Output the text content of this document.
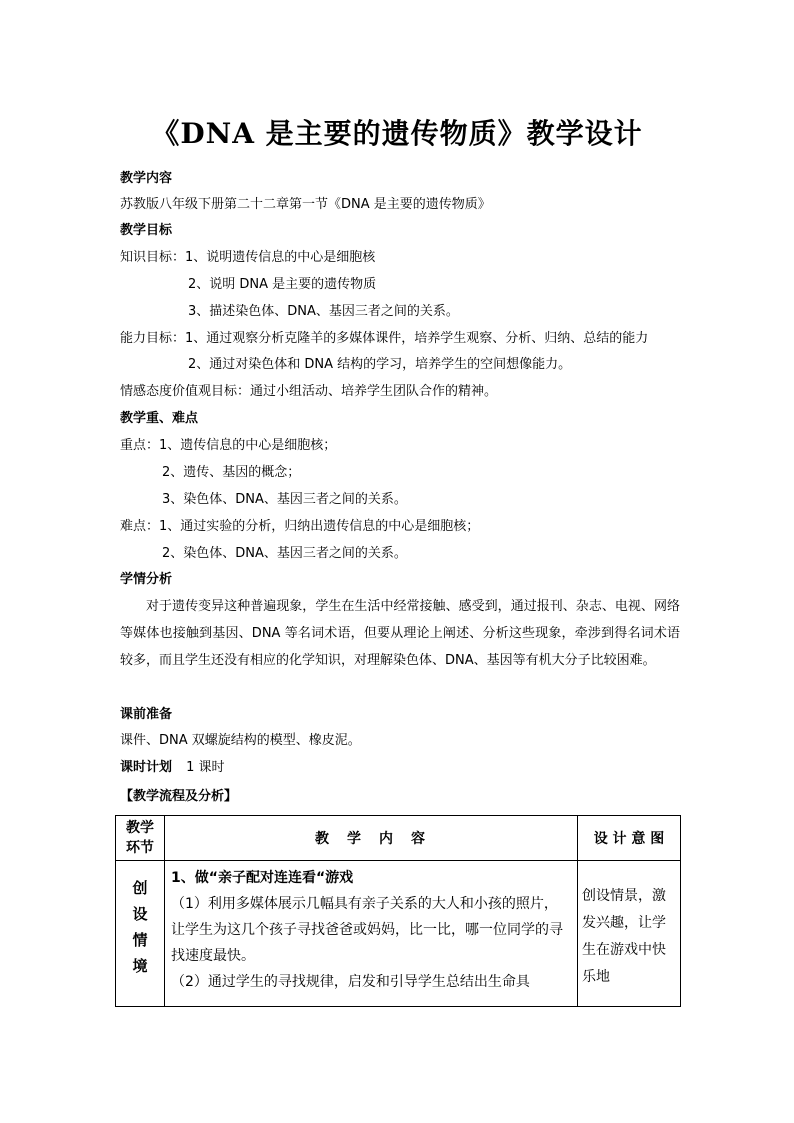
《DNA 是主要的遗传物质》教学设计
教学内容
苏教版八年级下册第二十二章第一节《DNA 是主要的遗传物质》
教学目标
知识目标：1、说明遗传信息的中心是细胞核
2、说明 DNA 是主要的遗传物质
3、描述染色体、DNA、基因三者之间的关系。
能力目标：1、通过观察分析克隆羊的多媒体课件，培养学生观察、分析、归纳、总结的能力
2、通过对染色体和 DNA 结构的学习，培养学生的空间想像能力。
情感态度价值观目标：通过小组活动、培养学生团队合作的精神。
教学重、难点
重点：1、遗传信息的中心是细胞核；
2、遗传、基因的概念；
3、染色体、DNA、基因三者之间的关系。
难点：1、通过实验的分析，归纳出遗传信息的中心是细胞核；
2、染色体、DNA、基因三者之间的关系。
学情分析
对于遗传变异这种普遍现象，学生在生活中经常接触、感受到，通过报刊、杂志、电视、网络等媒体也接触到基因、DNA 等名词术语，但要从理论上阐述、分析这些现象，牵涉到得名词术语较多，而且学生还没有相应的化学知识，对理解染色体、DNA、基因等有机大分子比较困难。
课前准备
课件、DNA 双螺旋结构的模型、橡皮泥。
课时计划 1 课时
【教学流程及分析】
教学环节	教　学　内　容	设 计 意 图
创设情境	1、做“亲子配对连连看“游戏
（1）利用多媒体展示几幅具有亲子关系的大人和小孩的照片，让学生为这几个孩子寻找爸爸或妈妈，比一比，哪一位同学的寻找速度最快。
（2）通过学生的寻找规律，启发和引导学生总结出生命具	创设情景，激发兴趣，让学生在游戏中快乐地
